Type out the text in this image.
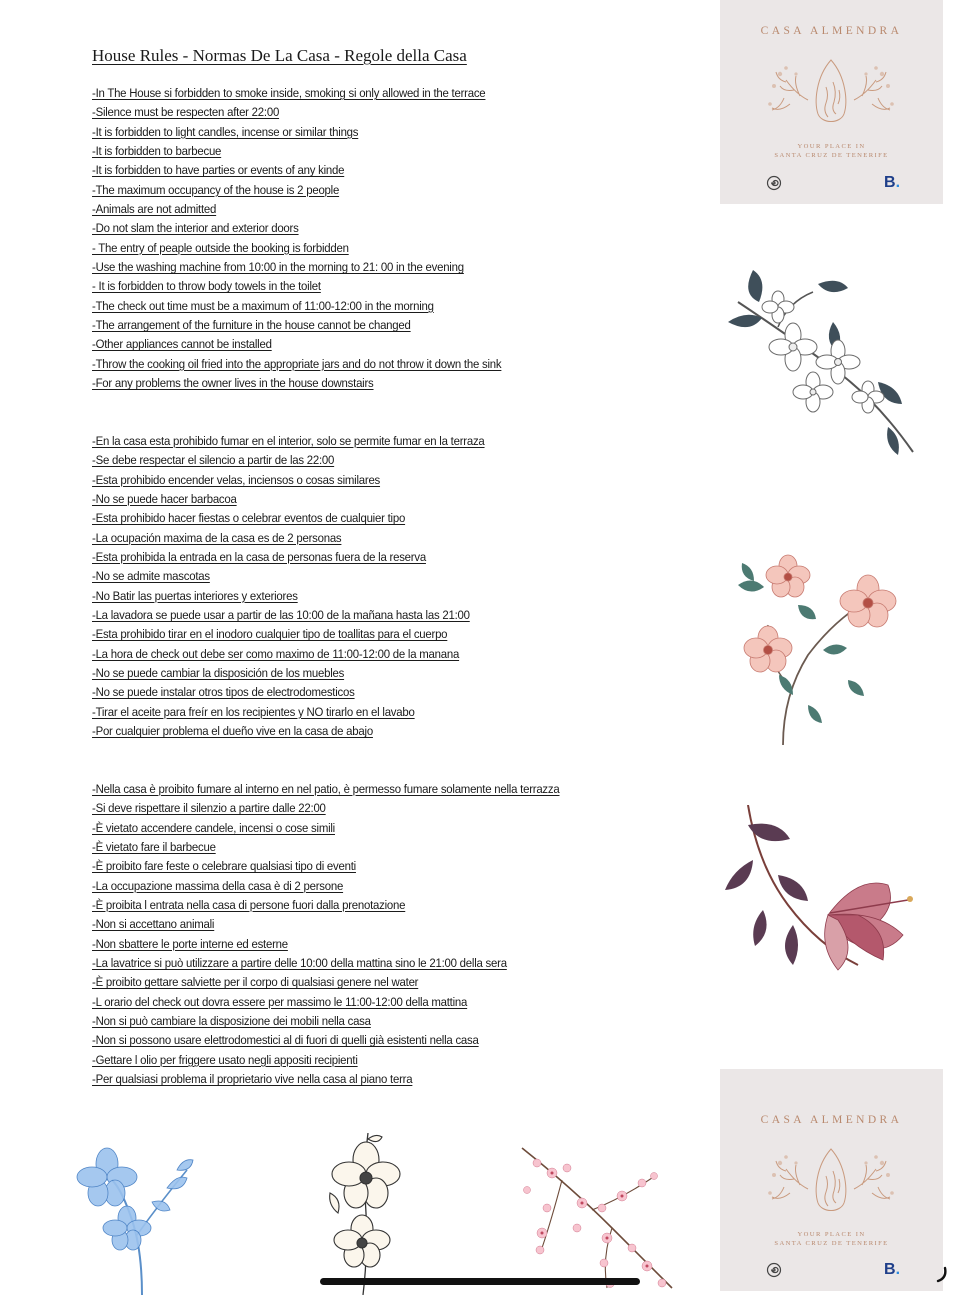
House Rules - Normas De La Casa - Regole della Casa
-In The House si forbidden to smoke inside, smoking si only allowed in the terrace
-Silence must be respecten after 22:00
-It is forbidden to light candles, incense or similar things
-It is forbidden to barbecue
-It is forbidden to have parties or events of any kinde
-The maximum occupancy of the house is 2 people
-Animals are not admitted
-Do not slam the interior and exterior doors
- The entry of peaple outside the booking is forbidden
-Use the washing machine from 10:00 in the morning to 21: 00 in the evening
- It is forbidden to throw body towels in the toilet
-The check out time must be a maximum of 11:00-12:00 in the morning
-The arrangement of the furniture in the house cannot be changed
-Other appliances cannot be installed
-Throw the cooking oil fried into the appropriate jars and do not throw it down the sink
-For any problems the owner lives in the house downstairs
-En la casa esta prohibido fumar en el interior, solo se permite fumar en la terraza
-Se debe respectar el silencio a partir de las 22:00
-Esta prohibido encender velas, inciensos o cosas similares
-No se puede hacer barbacoa
-Esta prohibido hacer fiestas o celebrar eventos de cualquier tipo
-La ocupación maxima de la casa es de 2 personas
-Esta prohibida la entrada en la casa de personas fuera de la reserva
-No se admite mascotas
-No Batir las puertas interiores y exteriores
-La lavadora se puede usar a partir de las 10:00 de la mañana hasta las 21:00
-Esta prohibido tirar en el inodoro cualquier tipo de toallitas para el cuerpo
-La hora de check out debe ser como maximo de 11:00-12:00 de la manana
-No se puede cambiar la disposición de los muebles
-No se puede instalar otros tipos de electrodomesticos
-Tirar el aceite para freír en los recipientes y NO tirarlo en el lavabo
-Por cualquier problema el dueño vive en la casa de abajo
-Nella casa è proibito fumare al interno en nel patio, è permesso fumare solamente nella terrazza
-Si deve rispettare il silenzio a partire dalle 22:00
-È vietato accendere candele, incensi o cose simili
-È vietato fare il barbecue
-È proibito fare feste o celebrare qualsiasi tipo di eventi
-La occupazione massima della casa è di 2 persone
-È proibita l entrata nella casa di persone fuori dalla prenotazione
-Non si accettano animali
-Non sbattere le porte interne ed esterne
-La lavatrice si può utilizzare a partire delle 10:00 della mattina sino le 21:00 della sera
-È proibito gettare salviette per il corpo di qualsiasi genere nel water
-L orario del check out dovra essere per massimo le 11:00-12:00 della mattina
-Non si può cambiare la disposizione dei mobili nella casa
-Non si possono usare elettrodomestici al di fuori di quelli già esistenti nella casa
-Gettare l olio per friggere usato negli appositi recipienti
-Per qualsiasi problema il proprietario vive nella casa al piano terra
CASA ALMENDRA
YOUR PLACE IN
SANTA CRUZ DE TENERIFE
B.
CASA ALMENDRA
YOUR PLACE IN
SANTA CRUZ DE TENERIFE
B.
